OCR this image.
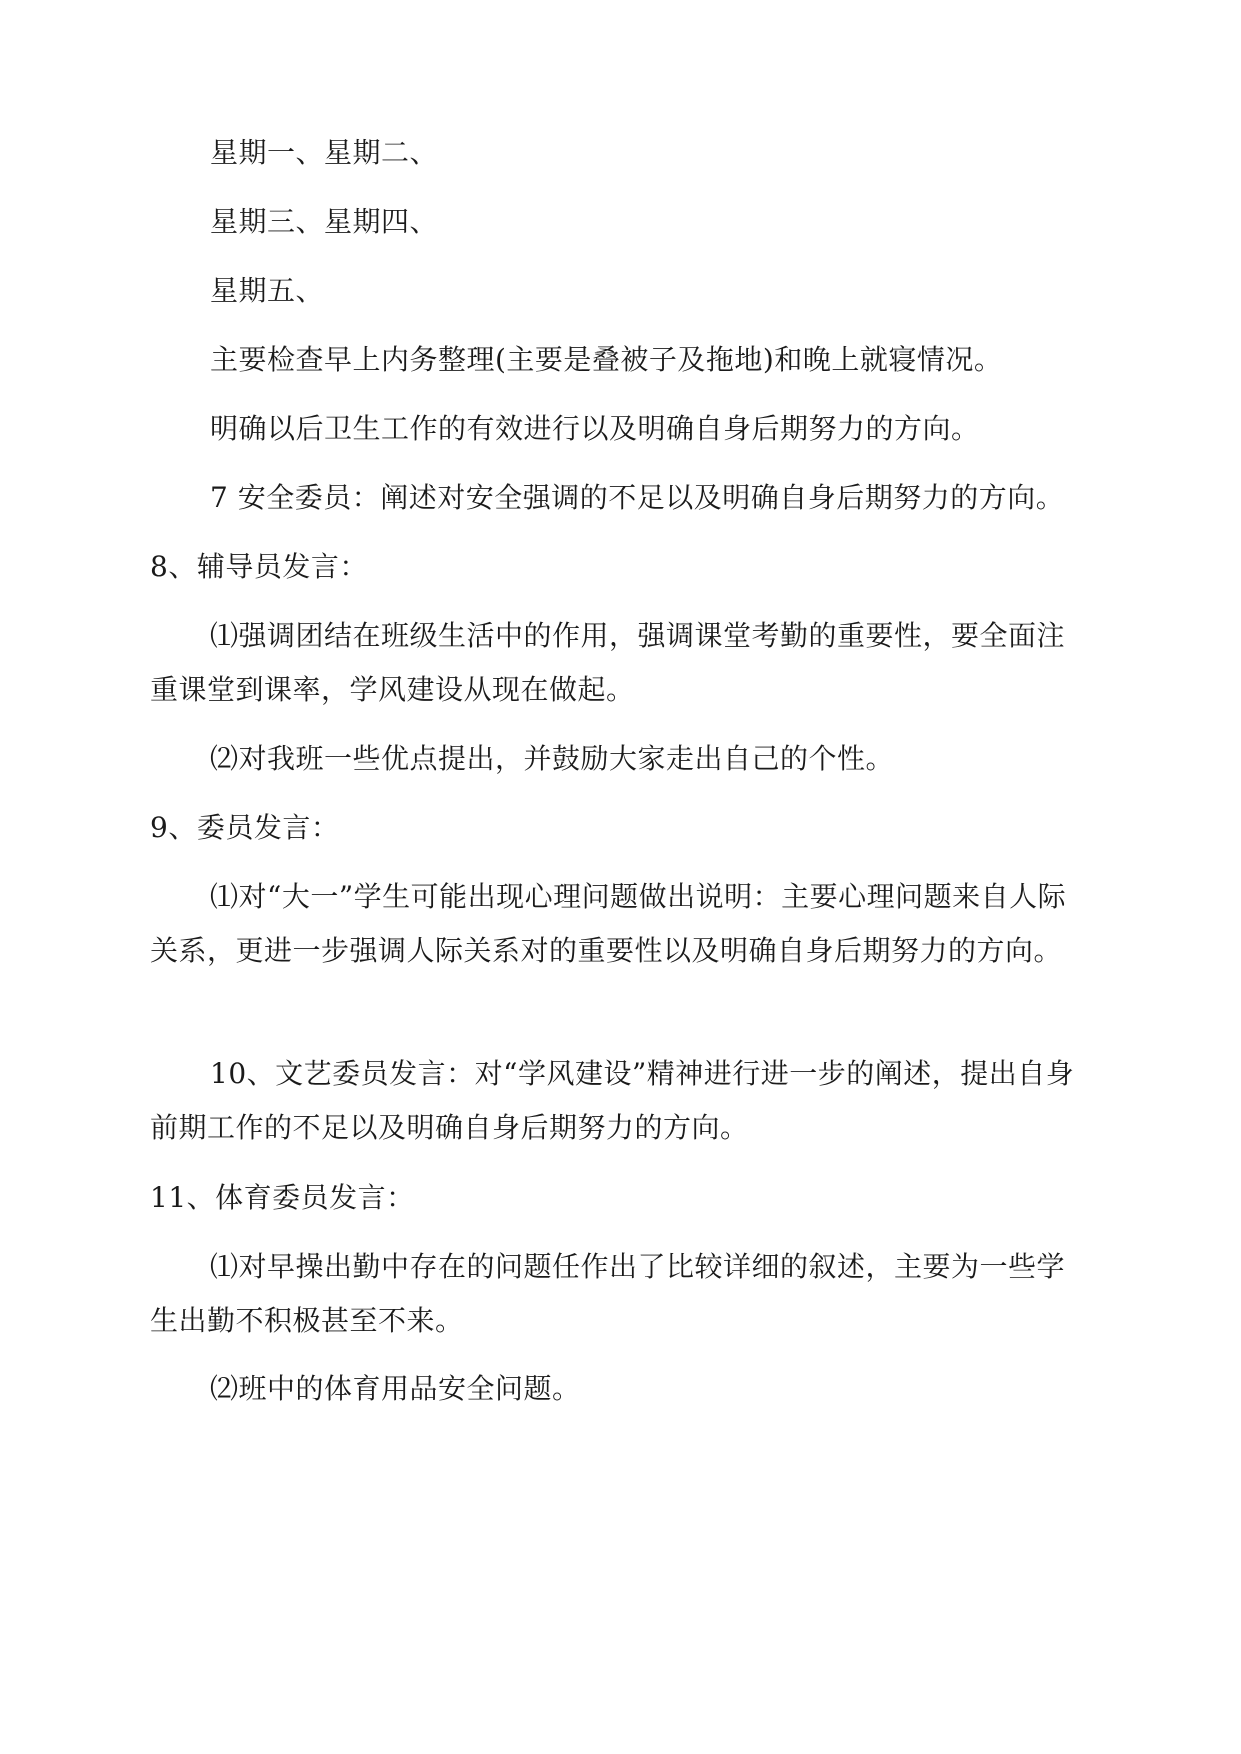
星期一、星期二、

星期三、星期四、

星期五、

主要检查早上内务整理(主要是叠被子及拖地)和晚上就寝情况。

明确以后卫生工作的有效进行以及明确自身后期努力的方向。

7 安全委员：阐述对安全强调的不足以及明确自身后期努力的方向。

8、辅导员发言：

⑴强调团结在班级生活中的作用，强调课堂考勤的重要性，要全面注重课堂到课率，学风建设从现在做起。

⑵对我班一些优点提出，并鼓励大家走出自己的个性。

9、委员发言：

⑴对“大一”学生可能出现心理问题做出说明：主要心理问题来自人际关系，更进一步强调人际关系对的重要性以及明确自身后期努力的方向。

10、文艺委员发言：对“学风建设”精神进行进一步的阐述，提出自身前期工作的不足以及明确自身后期努力的方向。

11、体育委员发言：

⑴对早操出勤中存在的问题任作出了比较详细的叙述，主要为一些学生出勤不积极甚至不来。

⑵班中的体育用品安全问题。
